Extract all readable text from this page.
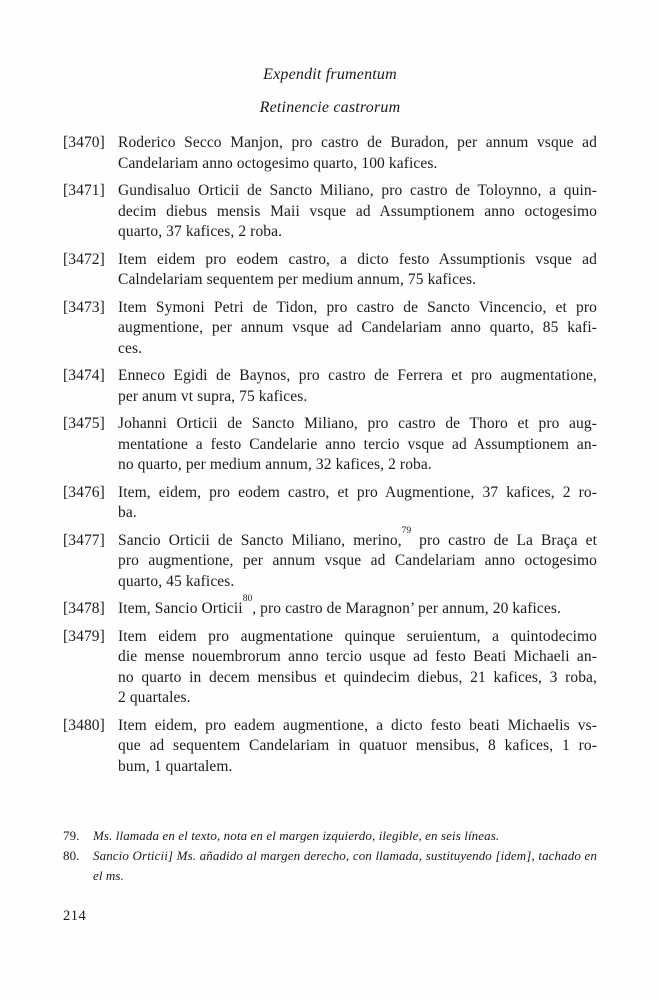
Expendit frumentum

Retinencie castrorum

[3470] Roderico Secco Manjon, pro castro de Buradon, per annum vsque ad
Candelariam anno octogesimo quarto, 100 kafices.
[3471] Gundisaluo Orticii de Sancto Miliano, pro castro de Toloynno, a quin-
decim diebus mensis Maii vsque ad Assumptionem anno octogesimo
quarto, 37 kafices, 2 roba.
[3472] Item eidem pro eodem castro, a dicto festo Assumptionis vsque ad
Calndelariam sequentem per medium annum, 75 kafices.
[3473] Item Symoni Petri de Tidon, pro castro de Sancto Vincencio, et pro
augmentione, per annum vsque ad Candelariam anno quarto, 85 kafi-
ces.
[3474] Enneco Egidi de Baynos, pro castro de Ferrera et pro augmentatione,
per anum vt supra, 75 kafices.
[3475] Johanni Orticii de Sancto Miliano, pro castro de Thoro et pro aug-
mentatione a festo Candelarie anno tercio vsque ad Assumptionem an-
no quarto, per medium annum, 32 kafices, 2 roba.
[3476] Item, eidem, pro eodem castro, et pro Augmentione, 37 kafices, 2 ro-
ba.
[3477] Sancio Orticii de Sancto Miliano, merino,$^{79}$ pro castro de La Braça et
pro augmentione, per annum vsque ad Candelariam anno octogesimo
quarto, 45 kafices.
[3478] Item, Sancio Orticii$^{80}$, pro castro de Maragnon’ per annum, 20 kafices.
[3479] Item eidem pro augmentatione quinque seruientum, a quintodecimo
die mense nouembrorum anno tercio usque ad festo Beati Michaeli an-
no quarto in decem mensibus et quindecim diebus, 21 kafices, 3 roba,
2 quartales.
[3480] Item eidem, pro eadem augmentione, a dicto festo beati Michaelis vs-
que ad sequentem Candelariam in quatuor mensibus, 8 kafices, 1 ro-
bum, 1 quartalem.
79. Ms. llamada en el texto, nota en el margen izquierdo, ilegible, en seis líneas.
80. Sancio Orticii] Ms. añadido al margen derecho, con llamada, sustituyendo [idem], tachado en
el ms.
214
